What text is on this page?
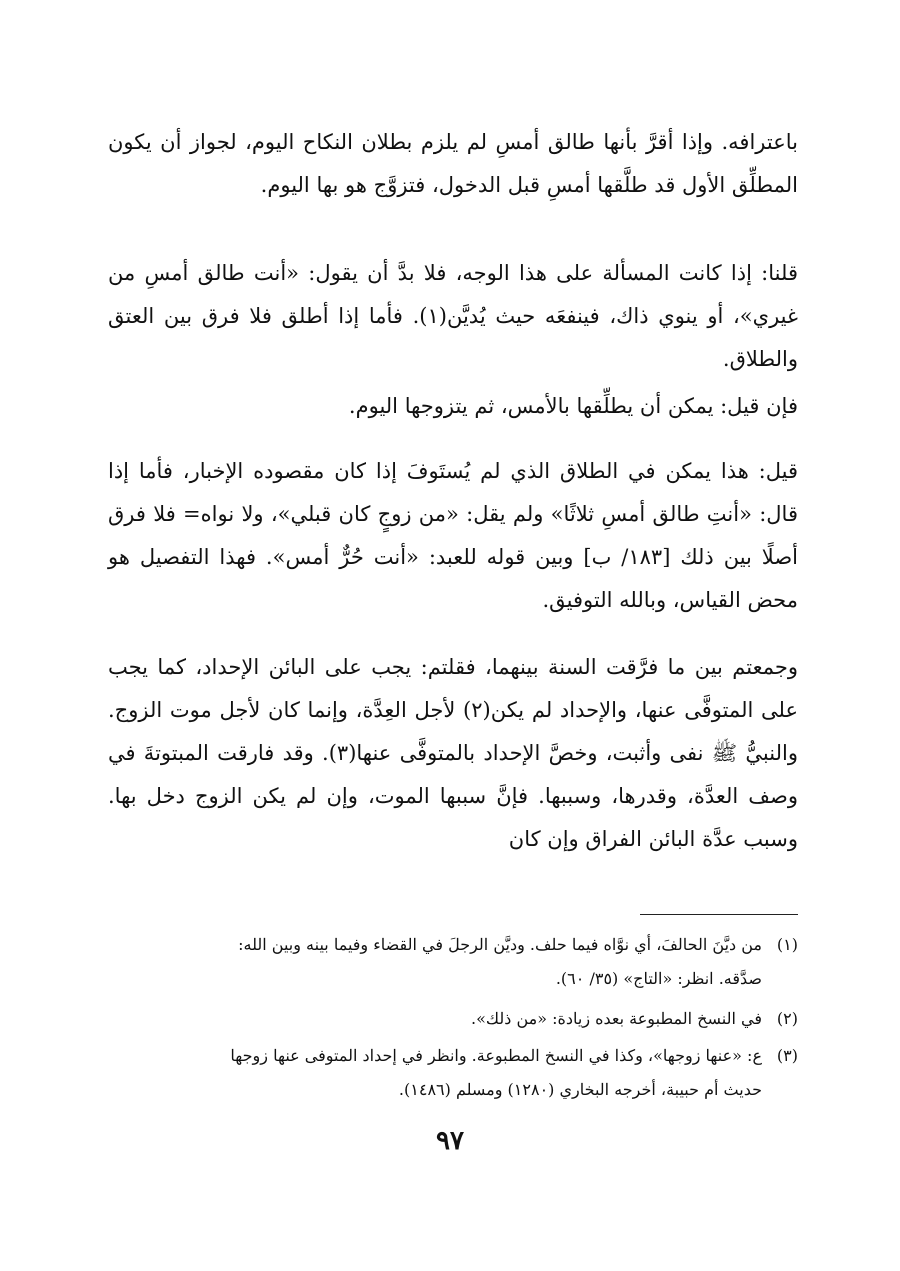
باعترافه. وإذا أقرَّ بأنها طالق أمسِ لم يلزم بطلان النكاح اليوم، لجواز أن يكون المطلِّق الأول قد طلَّقها أمسِ قبل الدخول، فتزوَّج هو بها اليوم.

قلنا: إذا كانت المسألة على هذا الوجه، فلا بدَّ أن يقول: «أنت طالق أمسِ من غيري»، أو ينوي ذاك، فينفعَه حيث يُديَّن(١). فأما إذا أطلق فلا فرق بين العتق والطلاق.

فإن قيل: يمكن أن يطلِّقها بالأمس، ثم يتزوجها اليوم.

قيل: هذا يمكن في الطلاق الذي لم يُستَوفَ إذا كان مقصوده الإخبار، فأما إذا قال: «أنتِ طالق أمسِ ثلاثًا» ولم يقل: «من زوجٍ كان قبلي»، ولا نواه= فلا فرق أصلًا بين ذلك [١٨٣/ ب] وبين قوله للعبد: «أنت حُرٌّ أمس». فهذا التفصيل هو محض القياس، وبالله التوفيق.

وجمعتم بين ما فرَّقت السنة بينهما، فقلتم: يجب على البائن الإحداد، كما يجب على المتوفَّى عنها، والإحداد لم يكن(٢) لأجل العِدَّة، وإنما كان لأجل موت الزوج. والنبيُّ ﷺ نفى وأثبت، وخصَّ الإحداد بالمتوفَّى عنها(٣). وقد فارقت المبتوتةَ في وصف العدَّة، وقدرها، وسببها. فإنَّ سببها الموت، وإن لم يكن الزوج دخل بها. وسبب عدَّة البائن الفراق وإن كان

(١)من ديَّنَ الحالفَ، أي نوَّاه فيما حلف. وديَّن الرجلَ في القضاء وفيما بينه وبين الله:
صدَّقه. انظر: «التاج» (٣٥/ ٦٠).
(٢)في النسخ المطبوعة بعده زيادة: «من ذلك».
(٣)ع: «عنها زوجها»، وكذا في النسخ المطبوعة. وانظر في إحداد المتوفى عنها زوجها
حديث أم حبيبة، أخرجه البخاري (١٢٨٠) ومسلم (١٤٨٦).
٩٧
